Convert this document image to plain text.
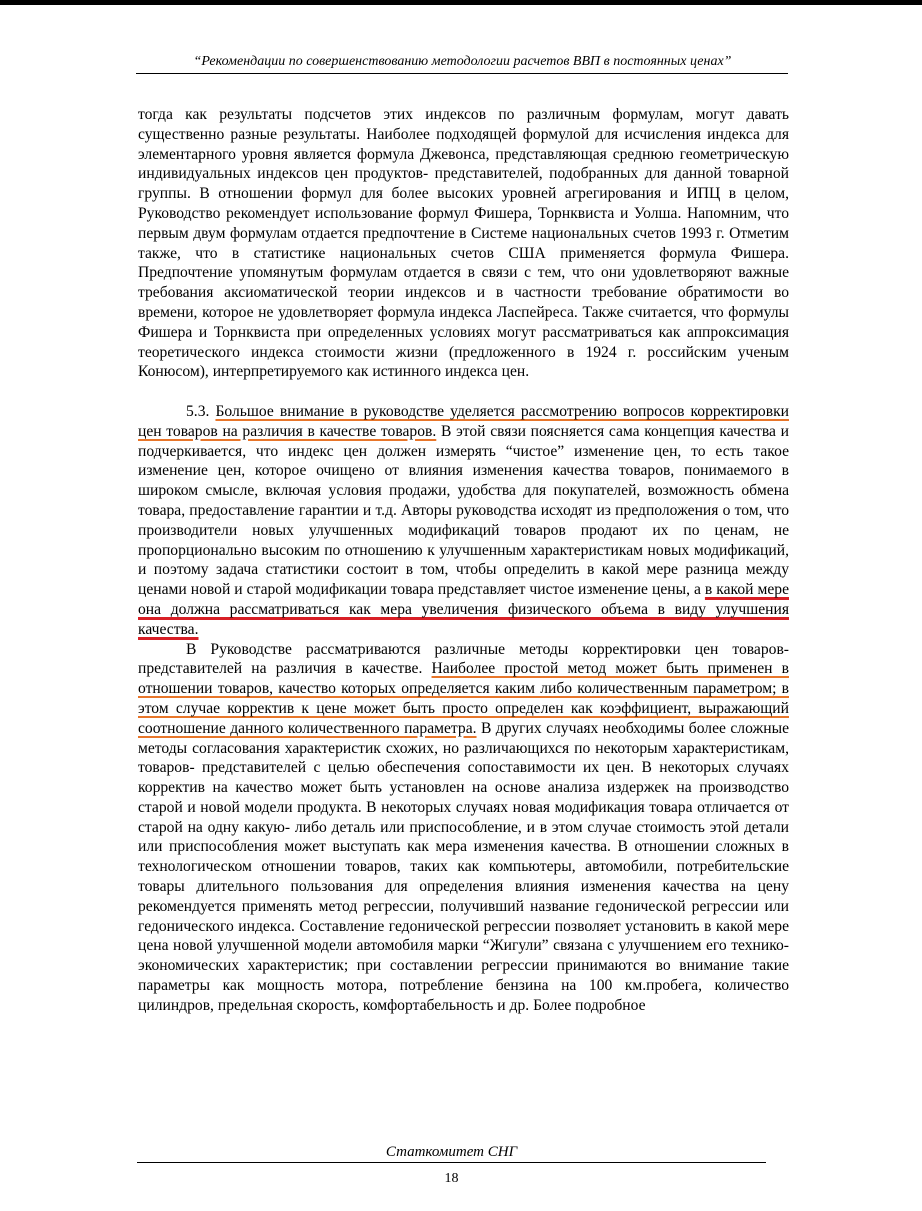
“Рекомендации по совершенствованию методологии расчетов ВВП в постоянных ценах”

тогда как результаты подсчетов этих индексов по различным формулам, могут давать существенно разные результаты. Наиболее подходящей формулой для исчисления индекса для элементарного уровня является формула Джевонса, представляющая среднюю геометрическую индивидуальных индексов цен продуктов- представителей, подобранных для данной товарной группы. В отношении формул для более высоких уровней агрегирования и ИПЦ в целом, Руководство рекомендует использование формул Фишера, Торнквиста и Уолша. Напомним, что первым двум формулам отдается предпочтение в Системе национальных счетов 1993 г. Отметим также, что в статистике национальных счетов США применяется формула Фишера. Предпочтение упомянутым формулам отдается в связи с тем, что они удовлетворяют важные требования аксиоматической теории индексов и в частности требование обратимости во времени, которое не удовлетворяет формула индекса Ласпейреса. Также считается, что формулы Фишера и Торнквиста при определенных условиях могут рассматриваться как аппроксимация теоретического индекса стоимости жизни (предложенного в 1924 г. российским ученым Конюсом), интерпретируемого как истинного индекса цен.

5.3. Большое внимание в руководстве уделяется рассмотрению вопросов корректировки цен товаров на различия в качестве товаров. В этой связи поясняется сама концепция качества и подчеркивается, что индекс цен должен измерять “чистое” изменение цен, то есть такое изменение цен, которое очищено от влияния изменения качества товаров, понимаемого в широком смысле, включая условия продажи, удобства для покупателей, возможность обмена товара, предоставление гарантии и т.д. Авторы руководства исходят из предположения о том, что производители новых улучшенных модификаций товаров продают их по ценам, не пропорционально высоким по отношению к улучшенным характеристикам новых модификаций, и поэтому задача статистики состоит в том, чтобы определить в какой мере разница между ценами новой и старой модификации товара представляет чистое изменение цены, а в какой мере она должна рассматриваться как мера увеличения физического объема в виду улучшения качества.

В Руководстве рассматриваются различные методы корректировки цен товаров-представителей на различия в качестве. Наиболее простой метод может быть применен в отношении товаров, качество которых определяется каким либо количественным параметром; в этом случае корректив к цене может быть просто определен как коэффициент, выражающий соотношение данного количественного параметра. В других случаях необходимы более сложные методы согласования характеристик схожих, но различающихся по некоторым характеристикам, товаров- представителей с целью обеспечения сопоставимости их цен. В некоторых случаях корректив на качество может быть установлен на основе анализа издержек на производство старой и новой модели продукта. В некоторых случаях новая модификация товара отличается от старой на одну какую- либо деталь или приспособление, и в этом случае стоимость этой детали или приспособления может выступать как мера изменения качества. В отношении сложных в технологическом отношении товаров, таких как компьютеры, автомобили, потребительские товары длительного пользования для определения влияния изменения качества на цену рекомендуется применять метод регрессии, получивший название гедонической регрессии или гедонического индекса. Составление гедонической регрессии позволяет установить в какой мере цена новой улучшенной модели автомобиля марки “Жигули” связана с улучшением его технико-экономических характеристик; при составлении регрессии принимаются во внимание такие параметры как мощность мотора, потребление бензина на 100 км.пробега, количество цилиндров, предельная скорость, комфортабельность и др. Более подробное

Статкомитет СНГ
18
